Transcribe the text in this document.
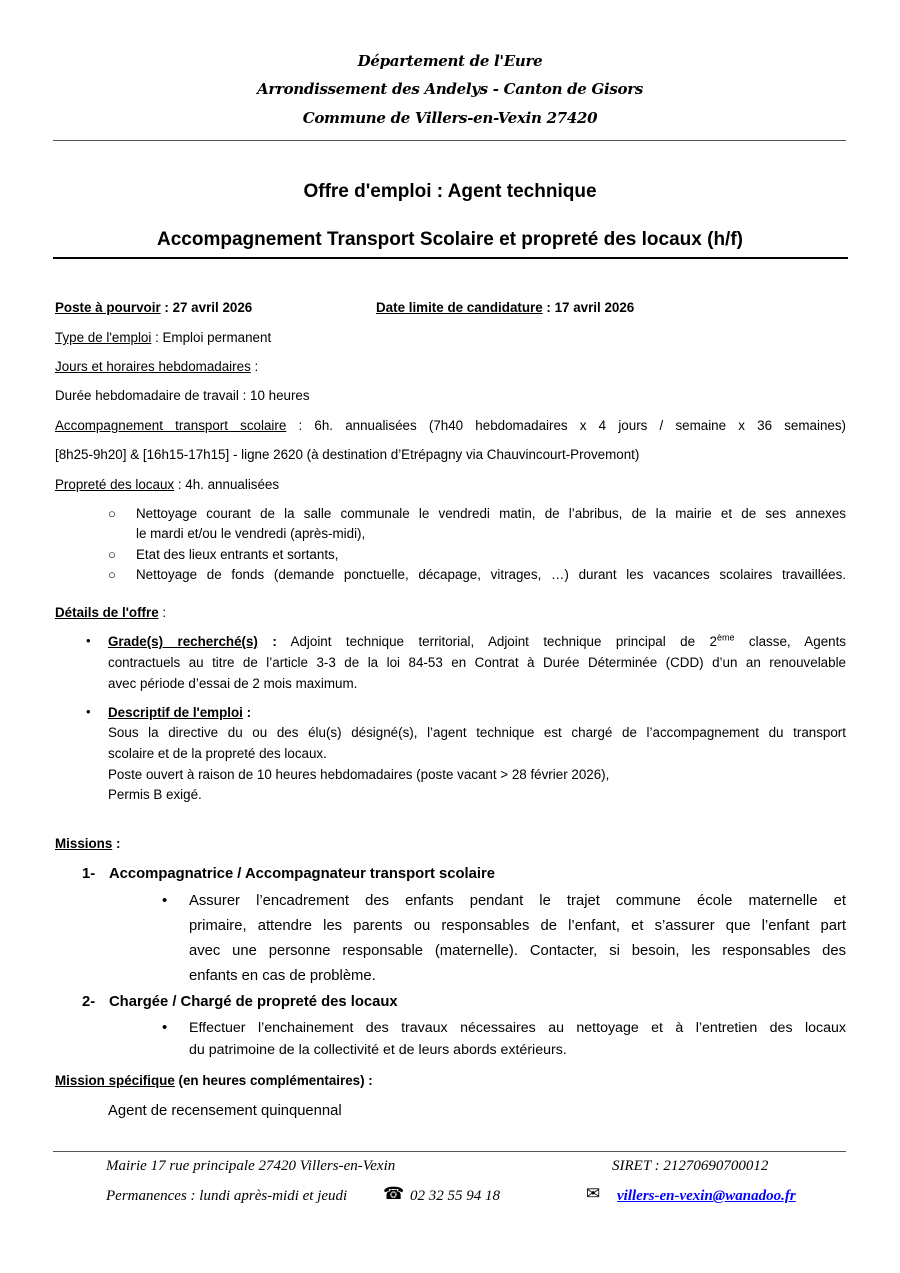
Département de l'Eure
Arrondissement des Andelys - Canton de Gisors
Commune de Villers-en-Vexin 27420
Offre d'emploi : Agent technique
Accompagnement Transport Scolaire et propreté des locaux (h/f)
Poste à pourvoir : 27 avril 2026	Date limite de candidature : 17 avril 2026
Type de l'emploi : Emploi permanent
Jours et horaires hebdomadaires :
Durée hebdomadaire de travail : 10 heures
Accompagnement transport scolaire : 6h. annualisées (7h40 hebdomadaires x 4 jours / semaine x 36 semaines)
[8h25-9h20] & [16h15-17h15] - ligne 2620 (à destination d’Etrépagny via Chauvincourt-Provemont)
Propreté des locaux : 4h. annualisées
○ Nettoyage courant de la salle communale le vendredi matin, de l’abribus, de la mairie et de ses annexes
le mardi et/ou le vendredi (après-midi),
○ Etat des lieux entrants et sortants,
○ Nettoyage de fonds (demande ponctuelle, décapage, vitrages, …) durant les vacances scolaires travaillées.
Détails de l'offre :
• Grade(s) recherché(s) : Adjoint technique territorial, Adjoint technique principal de 2ème classe, Agents
contractuels au titre de l’article 3-3 de la loi 84-53 en Contrat à Durée Déterminée (CDD) d’un an renouvelable
avec période d’essai de 2 mois maximum.
• Descriptif de l'emploi :
Sous la directive du ou des élu(s) désigné(s), l’agent technique est chargé de l’accompagnement du transport
scolaire et de la propreté des locaux.
Poste ouvert à raison de 10 heures hebdomadaires (poste vacant > 28 février 2026),
Permis B exigé.
Missions :
1- Accompagnatrice / Accompagnateur transport scolaire
• Assurer l’encadrement des enfants pendant le trajet commune école maternelle et
primaire, attendre les parents ou responsables de l’enfant, et s’assurer que l’enfant part
avec une personne responsable (maternelle). Contacter, si besoin, les responsables des
enfants en cas de problème.
2- Chargée / Chargé de propreté des locaux
• Effectuer l’enchainement des travaux nécessaires au nettoyage et à l’entretien des locaux
du patrimoine de la collectivité et de leurs abords extérieurs.
Mission spécifique (en heures complémentaires) :
Agent de recensement quinquennal
Mairie 17 rue principale 27420 Villers-en-Vexin	SIRET : 21270690700012
Permanences : lundi après-midi et jeudi ☎ 02 32 55 94 18	✉ villers-en-vexin@wanadoo.fr
